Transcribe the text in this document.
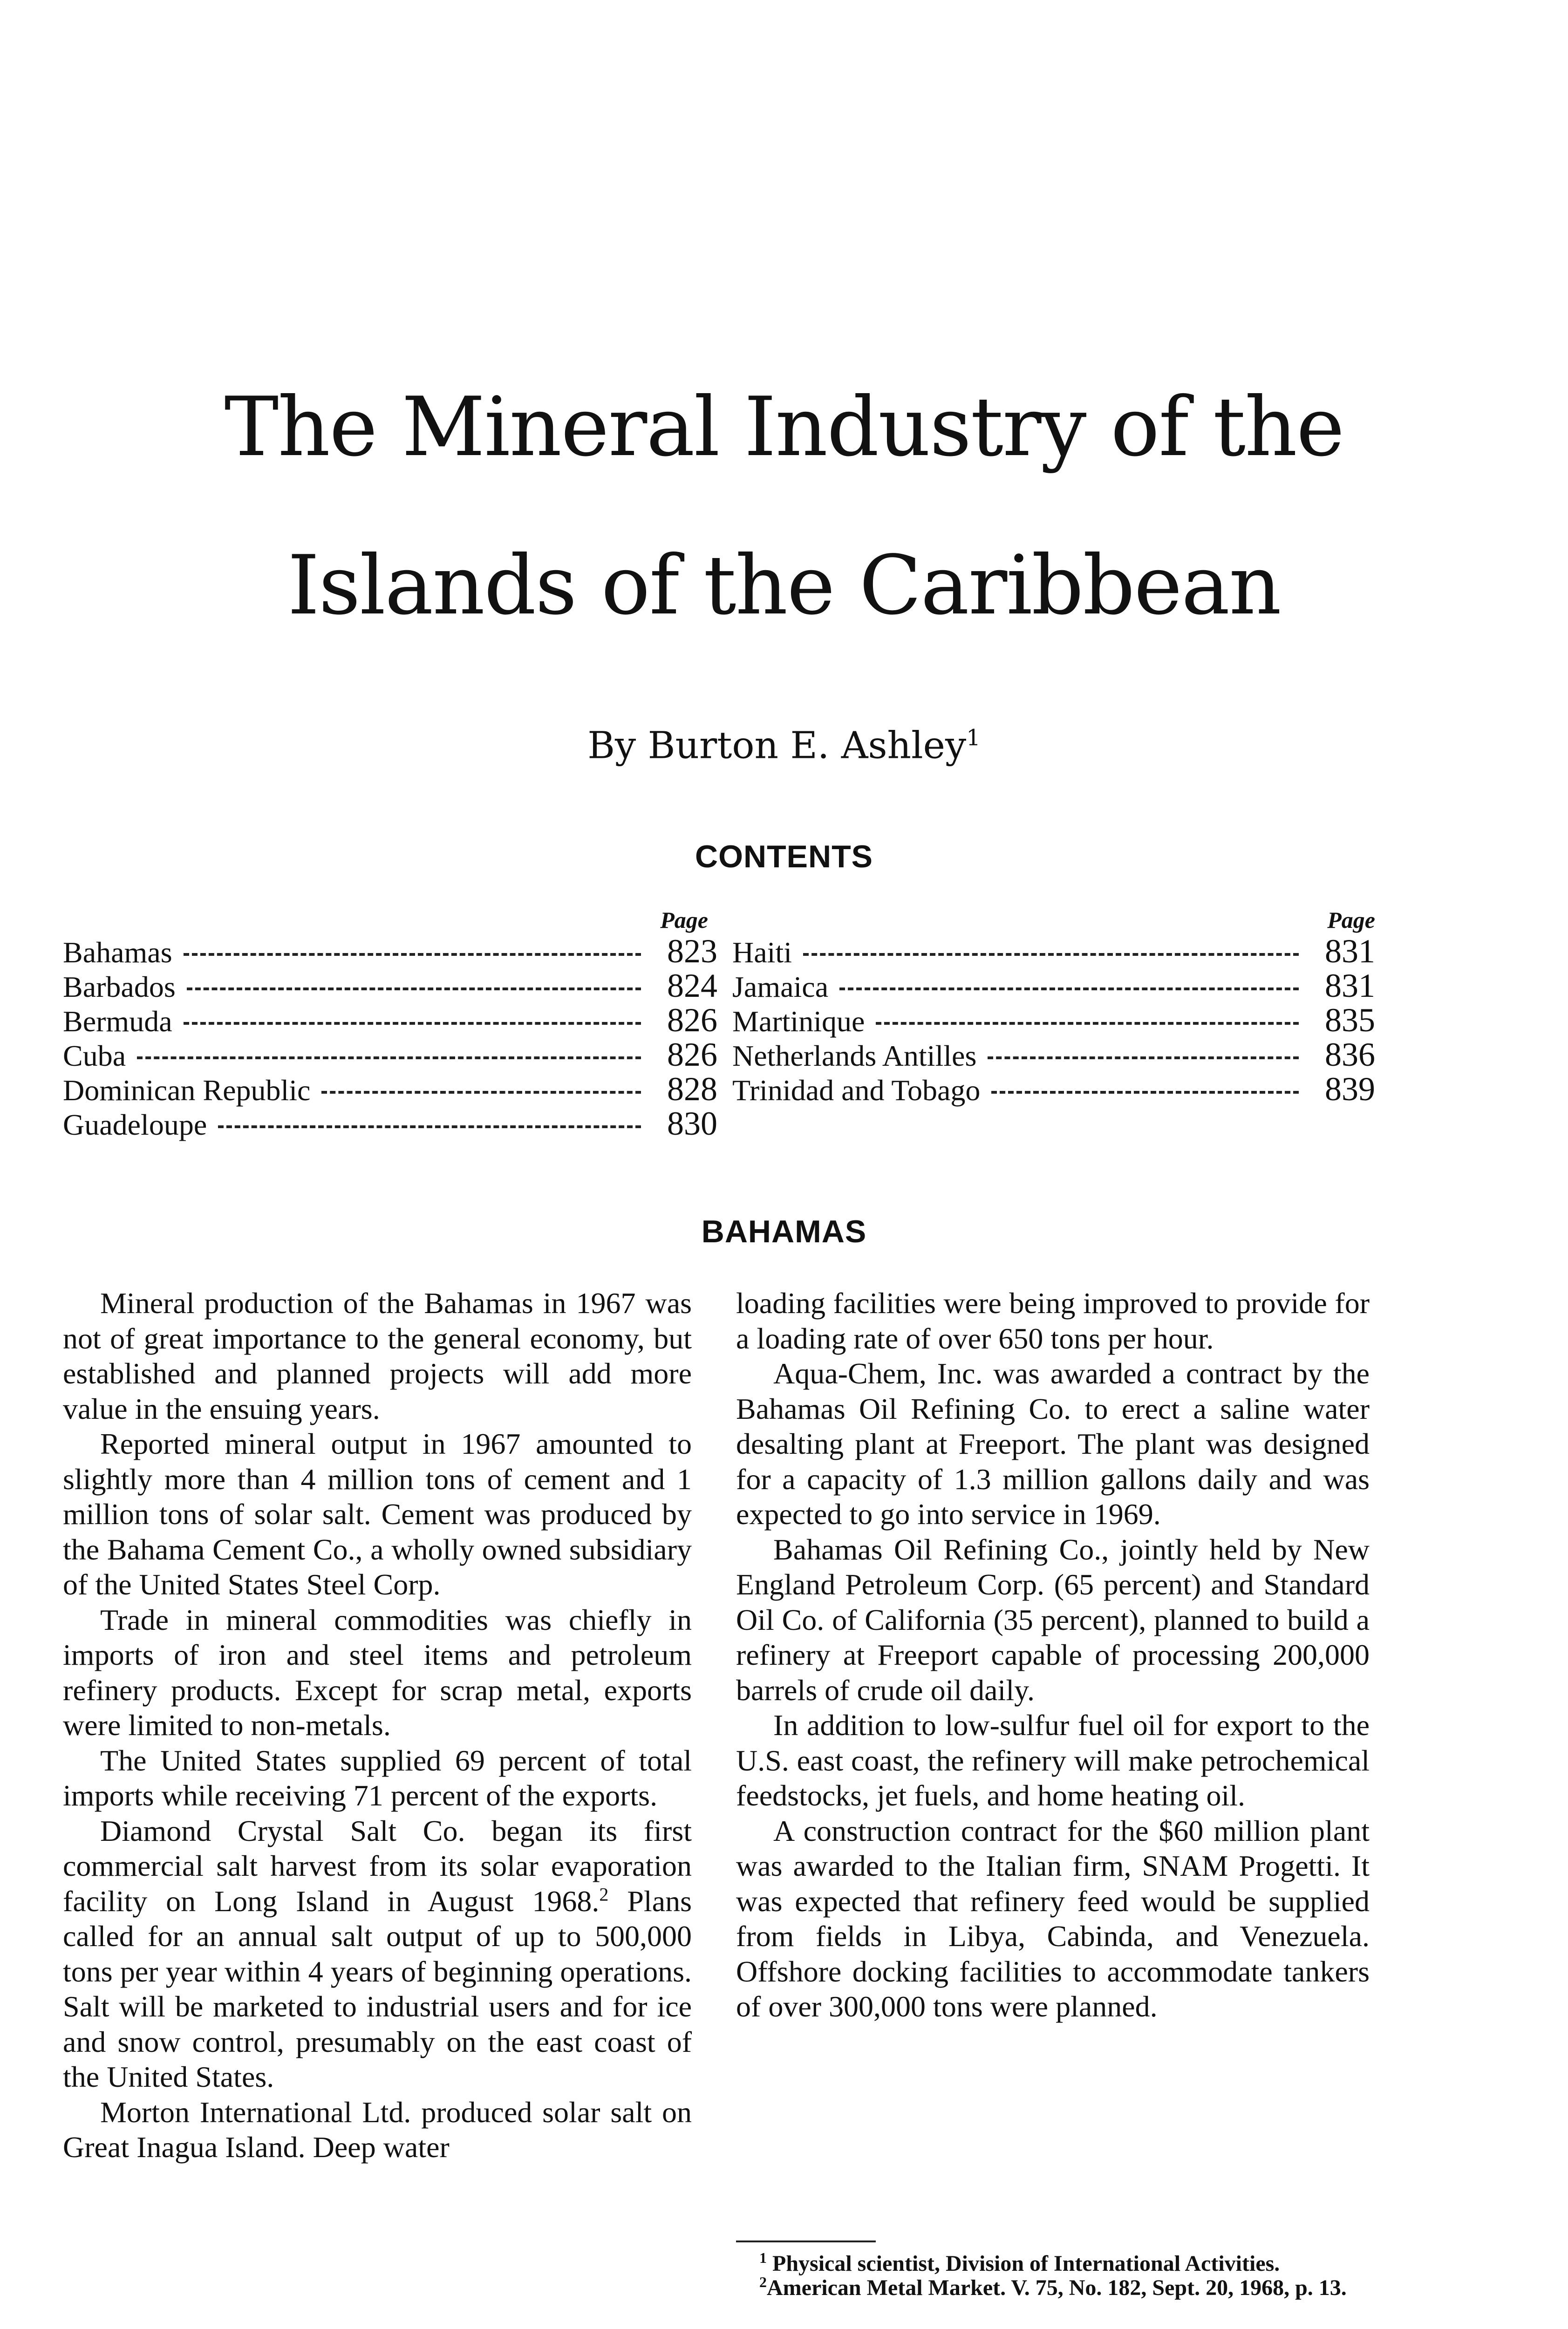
The Mineral Industry of the
Islands of the Caribbean
By Burton E. Ashley$^1$
CONTENTS
Page
Bahamas	823
Barbados	824
Bermuda	826
Cuba	826
Dominican Republic	828
Guadeloupe	830
Page
Haiti	831
Jamaica	831
Martinique	835
Netherlands Antilles	836
Trinidad and Tobago	839
BAHAMAS

Mineral production of the Bahamas in 1967 was not of great importance to the general economy, but established and planned projects will add more value in the ensuing years.

Reported mineral output in 1967 amounted to slightly more than 4 million tons of cement and 1 million tons of solar salt. Cement was produced by the Bahama Cement Co., a wholly owned subsidiary of the United States Steel Corp.

Trade in mineral commodities was chiefly in imports of iron and steel items and petroleum refinery products. Except for scrap metal, exports were limited to non-metals.

The United States supplied 69 percent of total imports while receiving 71 percent of the exports.

Diamond Crystal Salt Co. began its first commercial salt harvest from its solar evaporation facility on Long Island in August 1968.$^2$ Plans called for an annual salt output of up to 500,000 tons per year within 4 years of beginning operations. Salt will be marketed to industrial users and for ice and snow control, presumably on the east coast of the United States.

Morton International Ltd. produced solar salt on Great Inagua Island. Deep water

loading facilities were being improved to provide for a loading rate of over 650 tons per hour.

Aqua-Chem, Inc. was awarded a contract by the Bahamas Oil Refining Co. to erect a saline water desalting plant at Freeport. The plant was designed for a capacity of 1.3 million gallons daily and was expected to go into service in 1969.

Bahamas Oil Refining Co., jointly held by New England Petroleum Corp. (65 percent) and Standard Oil Co. of California (35 percent), planned to build a refinery at Freeport capable of processing 200,000 barrels of crude oil daily.

In addition to low-sulfur fuel oil for export to the U.S. east coast, the refinery will make petrochemical feedstocks, jet fuels, and home heating oil.

A construction contract for the $60 million plant was awarded to the Italian firm, SNAM Progetti. It was expected that refinery feed would be supplied from fields in Libya, Cabinda, and Venezuela. Offshore docking facilities to accommodate tankers of over 300,000 tons were planned.

$^1$ Physical scientist, Division of International Activities.

$^2$American Metal Market. V. 75, No. 182, Sept. 20, 1968, p. 13.
